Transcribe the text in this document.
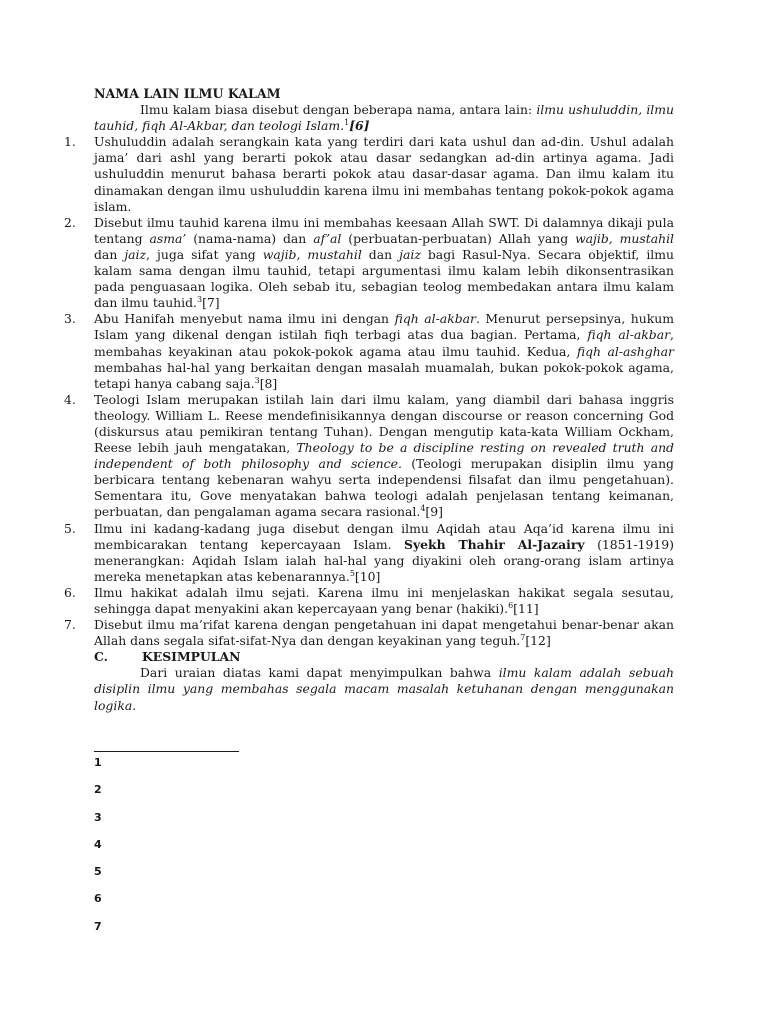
NAMA LAIN ILMU KALAM

Ilmu kalam biasa disebut dengan beberapa nama, antara lain: ilmu ushuluddin, ilmu tauhid, fiqh Al-Akbar, dan teologi Islam.$^1$[6]

1.	Ushuluddin adalah serangkain kata yang terdiri dari kata ushul dan ad-din. Ushul adalah jama’ dari ashl yang berarti pokok atau dasar sedangkan ad-din artinya agama. Jadi ushuluddin menurut bahasa berarti pokok atau dasar-dasar agama. Dan ilmu kalam itu dinamakan dengan ilmu ushuluddin karena ilmu ini membahas tentang pokok-pokok agama islam.
2.	Disebut ilmu tauhid karena ilmu ini membahas keesaan Allah SWT. Di dalamnya dikaji pula tentang asma’ (nama-nama) dan af’al (perbuatan-perbuatan) Allah yang wajib, mustahil dan jaiz, juga sifat yang wajib, mustahil dan jaiz bagi Rasul-Nya. Secara objektif, ilmu kalam sama dengan ilmu tauhid, tetapi argumentasi ilmu kalam lebih dikonsentrasikan pada penguasaan logika. Oleh sebab itu, sebagian teolog membedakan antara ilmu kalam dan ilmu tauhid.$^3$[7]
3.	Abu Hanifah menyebut nama ilmu ini dengan fiqh al-akbar. Menurut persepsinya, hukum Islam yang dikenal dengan istilah fiqh terbagi atas dua bagian. Pertama, fiqh al-akbar, membahas keyakinan atau pokok-pokok agama atau ilmu tauhid. Kedua, fiqh al-ashghar membahas hal-hal yang berkaitan dengan masalah muamalah, bukan pokok-pokok agama, tetapi hanya cabang saja.$^3$[8]
4.	Teologi Islam merupakan istilah lain dari ilmu kalam, yang diambil dari bahasa inggris theology. William L. Reese mendefinisikannya dengan discourse or reason concerning God (diskursus atau pemikiran tentang Tuhan). Dengan mengutip kata-kata William Ockham, Reese lebih jauh mengatakan, Theology to be a discipline resting on revealed truth and independent of both philosophy and science. (Teologi merupakan disiplin ilmu yang berbicara tentang kebenaran wahyu serta independensi filsafat dan ilmu pengetahuan). Sementara itu, Gove menyatakan bahwa teologi adalah penjelasan tentang keimanan, perbuatan, dan pengalaman agama secara rasional.$^4$[9]
5.	Ilmu ini kadang-kadang juga disebut dengan ilmu Aqidah atau Aqa’id karena ilmu ini membicarakan tentang kepercayaan Islam. Syekh Thahir Al-Jazairy (1851-1919) menerangkan: Aqidah Islam ialah hal-hal yang diyakini oleh orang-orang islam artinya mereka menetapkan atas kebenarannya.$^5$[10]
6.	Ilmu hakikat adalah ilmu sejati. Karena ilmu ini menjelaskan hakikat segala sesutau, sehingga dapat menyakini akan kepercayaan yang benar (hakiki).$^6$[11]
7.	Disebut ilmu ma’rifat karena dengan pengetahuan ini dapat mengetahui benar-benar akan Allah dans segala sifat-sifat-Nya dan dengan keyakinan yang teguh.$^7$[12]
C.	KESIMPULAN

Dari uraian diatas kami dapat menyimpulkan bahwa ilmu kalam adalah sebuah disiplin ilmu yang membahas segala macam masalah ketuhanan dengan menggunakan logika.

1
2
3
4
5
6
7
